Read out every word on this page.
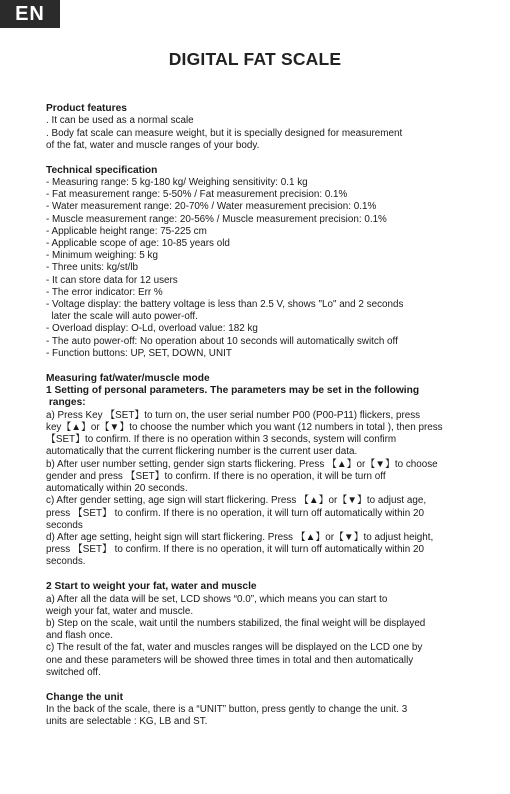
EN
DIGITAL FAT SCALE
Product features
. It can be used as a normal scale
. Body fat scale can measure weight, but it is specially designed for measurement
of the fat, water and muscle ranges of your body.
Technical specification
- Measuring range: 5 kg-180 kg/ Weighing sensitivity: 0.1 kg
- Fat measurement range: 5-50% / Fat measurement precision: 0.1%
- Water measurement range: 20-70% / Water measurement precision: 0.1%
- Muscle measurement range: 20-56% / Muscle measurement precision: 0.1%
- Applicable height range: 75-225 cm
- Applicable scope of age: 10-85 years old
- Minimum weighing: 5 kg
- Three units: kg/st/lb
- It can store data for 12 users
- The error indicator: Err %
- Voltage display: the battery voltage is less than 2.5 V, shows "Lo" and 2 seconds
later the scale will auto power-off.
- Overload display: O-Ld, overload value: 182 kg
- The auto power-off: No operation about 10 seconds will automatically switch off
- Function buttons: UP, SET, DOWN, UNIT
Measuring fat/water/muscle mode
1 Setting of personal parameters. The parameters may be set in the following
ranges:
a) Press Key 【SET】to turn on, the user serial number P00 (P00-P11) flickers, press
key【▲】or【▼】to choose the number which you want (12 numbers in total ), then press
【SET】to confirm. If there is no operation within 3 seconds, system will confirm
automatically that the current flickering number is the current user data.
b) After user number setting, gender sign starts flickering. Press 【▲】or【▼】to choose
gender and press 【SET】to confirm. If there is no operation, it will be turn off
automatically within 20 seconds.
c) After gender setting, age sign will start flickering. Press 【▲】or【▼】to adjust age,
press 【SET】 to confirm. If there is no operation, it will turn off automatically within 20
seconds
d) After age setting, height sign will start flickering. Press 【▲】or【▼】to adjust height,
press 【SET】 to confirm. If there is no operation, it will turn off automatically within 20
seconds.
2 Start to weight your fat, water and muscle
a) After all the data will be set, LCD shows “0.0”, which means you can start to
weigh your fat, water and muscle.
b) Step on the scale, wait until the numbers stabilized, the final weight will be displayed
and flash once.
c) The result of the fat, water and muscles ranges will be displayed on the LCD one by
one and these parameters will be showed three times in total and then automatically
switched off.
Change the unit
In the back of the scale, there is a “UNIT” button, press gently to change the unit. 3
units are selectable : KG, LB and ST.
